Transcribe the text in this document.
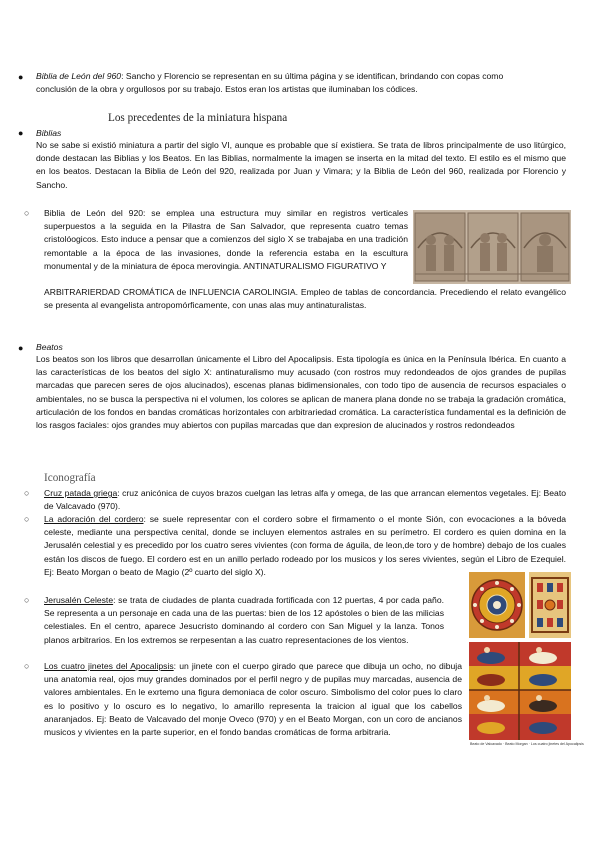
● Biblia de León del 960: Sancho y Florencio se representan en su última página y se identifican, brindando con copas como conclusión de la obra y orgullosos por su trabajo. Estos eran los artistas que iluminaban los códices.

Los precedentes de la miniatura hispana
● Biblias

No se sabe si existió miniatura a partir del siglo VI, aunque es probable que sí existiera. Se trata de libros principalmente de uso litúrgico, donde destacan las Biblias y los Beatos. En las Biblias, normalmente la imagen se inserta en la mitad del texto. El estilo es el mismo que en los beatos. Destacan la Biblia de León del 920, realizada por Juan y Vimara; y la Biblia de León del 960, realizada por Florencio y Sancho.

○ Biblia de León del 920: se emplea una estructura muy similar en registros verticales superpuestos a la seguida en la Pilastra de San Salvador, que representa cuatro temas cristolóogicos. Esto induce a pensar que a comienzos del siglo X se trabajaba en una tradición remontable a la época de las invasiones, donde la referencia estaba en la escultura monumental y de la miniatura de época merovingia. ANTINATURALISMO FIGURATIVO Y

ARBITRARIERDAD CROMÁTICA de INFLUENCIA CAROLINGIA. Empleo de tablas de concordancia. Precediendo el relato evangélico se presenta al evangelista antropomórficamente, con unas alas muy antinaturalistas.

● Beatos

Los beatos son los libros que desarrollan únicamente el Libro del Apocalipsis. Esta tipología es única en la Península Ibérica. En cuanto a las características de los beatos del siglo X: antinaturalismo muy acusado (con rostros muy redondeados de ojos grandes de pupilas marcadas que parecen seres de ojos alucinados), escenas planas bidimensionales, con todo tipo de ausencia de recursos espaciales o ambientales, no se busca la perspectiva ni el volumen, los colores se aplican de manera plana donde no se trabaja la gradación cromática, articulación de los fondos en bandas cromáticas horizontales con arbitrariedad cromática. La característica fundamental es la definición de los rasgos faciales: ojos grandes muy abiertos con pupilas marcadas que dan expresion de alucinados y rostros redondeados

Iconografía
○ Cruz patada griega: cruz anicónica de cuyos brazos cuelgan las letras alfa y omega, de las que arrancan elementos vegetales. Ej: Beato de Valcavado (970).

○ La adoración del cordero: se suele representar con el cordero sobre el firmamento o el monte Sión, con evocaciones a la bóveda celeste, mediante una perspectiva cenital, donde se incluyen elementos astrales en su perímetro. El cordero es quien domina en la Jerusalén celestial y es precedido por los cuatro seres vivientes (con forma de águila, de leon,de toro y de hombre) debajo de los cuales están los discos de fuego. El cordero est en un anillo perlado rodeado por los musicos y los seres vivientes, según el Libro de Ezequiel. Ej: Beato Morgan o beato de Magio (2º cuarto del siglo X).

○ Jerusalén Celeste: se trata de ciudades de planta cuadrada fortificada con 12 puertas, 4 por cada paño. Se representa a un personaje en cada una de las puertas: bien de los 12 apóstoles o bien de las milicias celestiales. En el centro, aparece Jesucristo dominando al cordero con San Miguel y la lanza. Tonos planos arbitrarios. En los extremos se rerpesentan a las cuatro representaciones de los vientos.

○ Los cuatro jinetes del Apocalipsis: un jinete con el cuerpo girado que parece que dibuja un ocho, no dibuja una anatomia real, ojos muy grandes dominados por el perfil negro y de pupilas muy marcadas, ausencia de valores ambientales. En le exrtemo una figura demoniaca de color oscuro. Simbolismo del color pues lo claro es lo positivo y lo oscuro es lo negativo, lo amarillo representa la traicion al igual que los cabellos anaranjados. Ej: Beato de Valcavado del monje Oveco (970) y en el Beato Morgan, con un coro de ancianos musicos y vivientes en la parte superior, en el fondo bandas cromáticas de forma arbitraria.

Beato de Valcavado · Beato Morgan · Los cuatro jinetes del Apocalipsis
